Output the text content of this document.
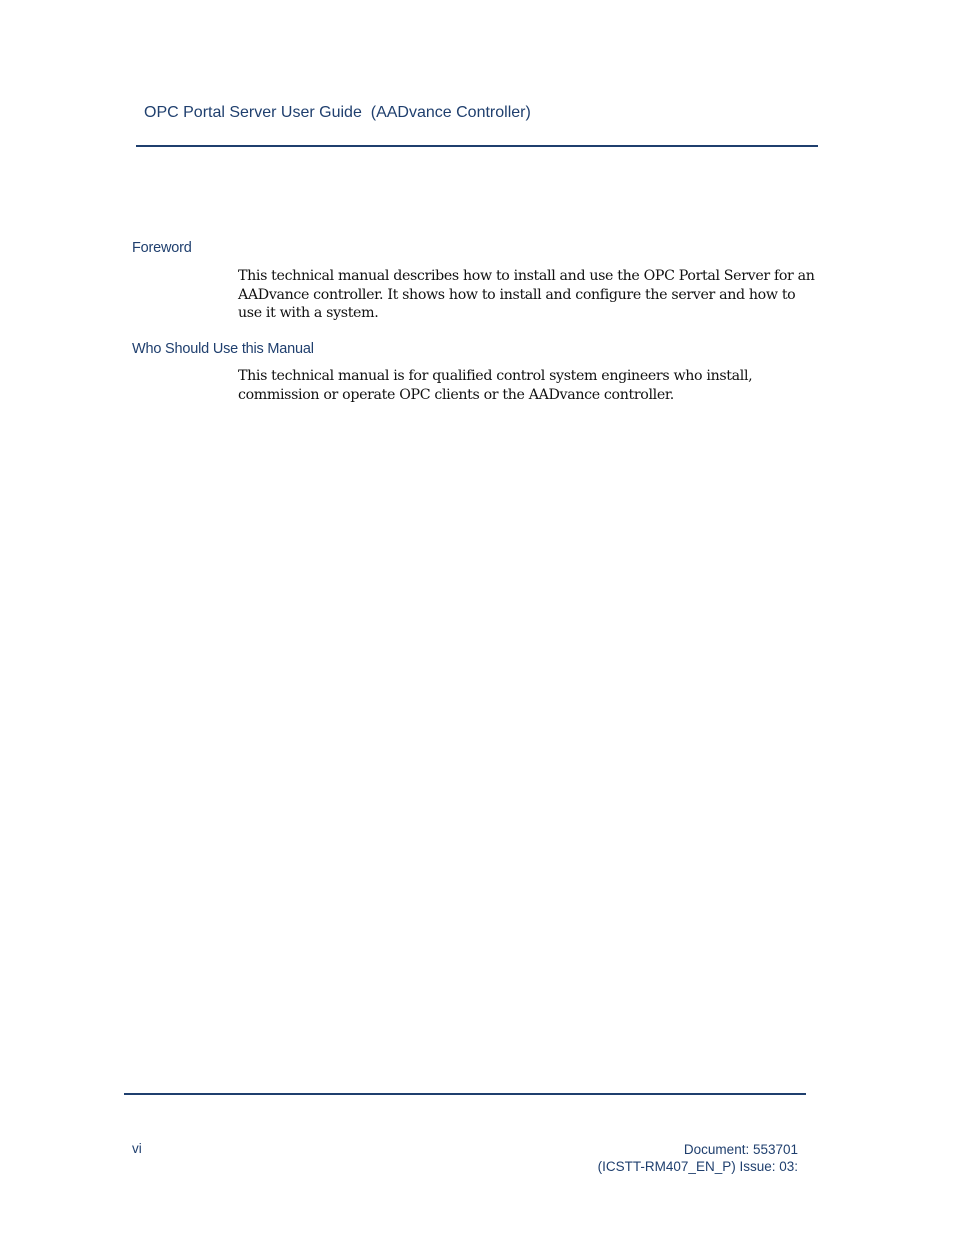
OPC Portal Server User Guide  (AADvance Controller)
Foreword

This technical manual describes how to install and use the OPC Portal Server for an AADvance controller. It shows how to install and configure the server and how to use it with a system.

Who Should Use this Manual

This technical manual is for qualified control system engineers who install, commission or operate OPC clients or the AADvance controller.

vi	Document: 553701
(ICSTT-RM407_EN_P) Issue: 03:
